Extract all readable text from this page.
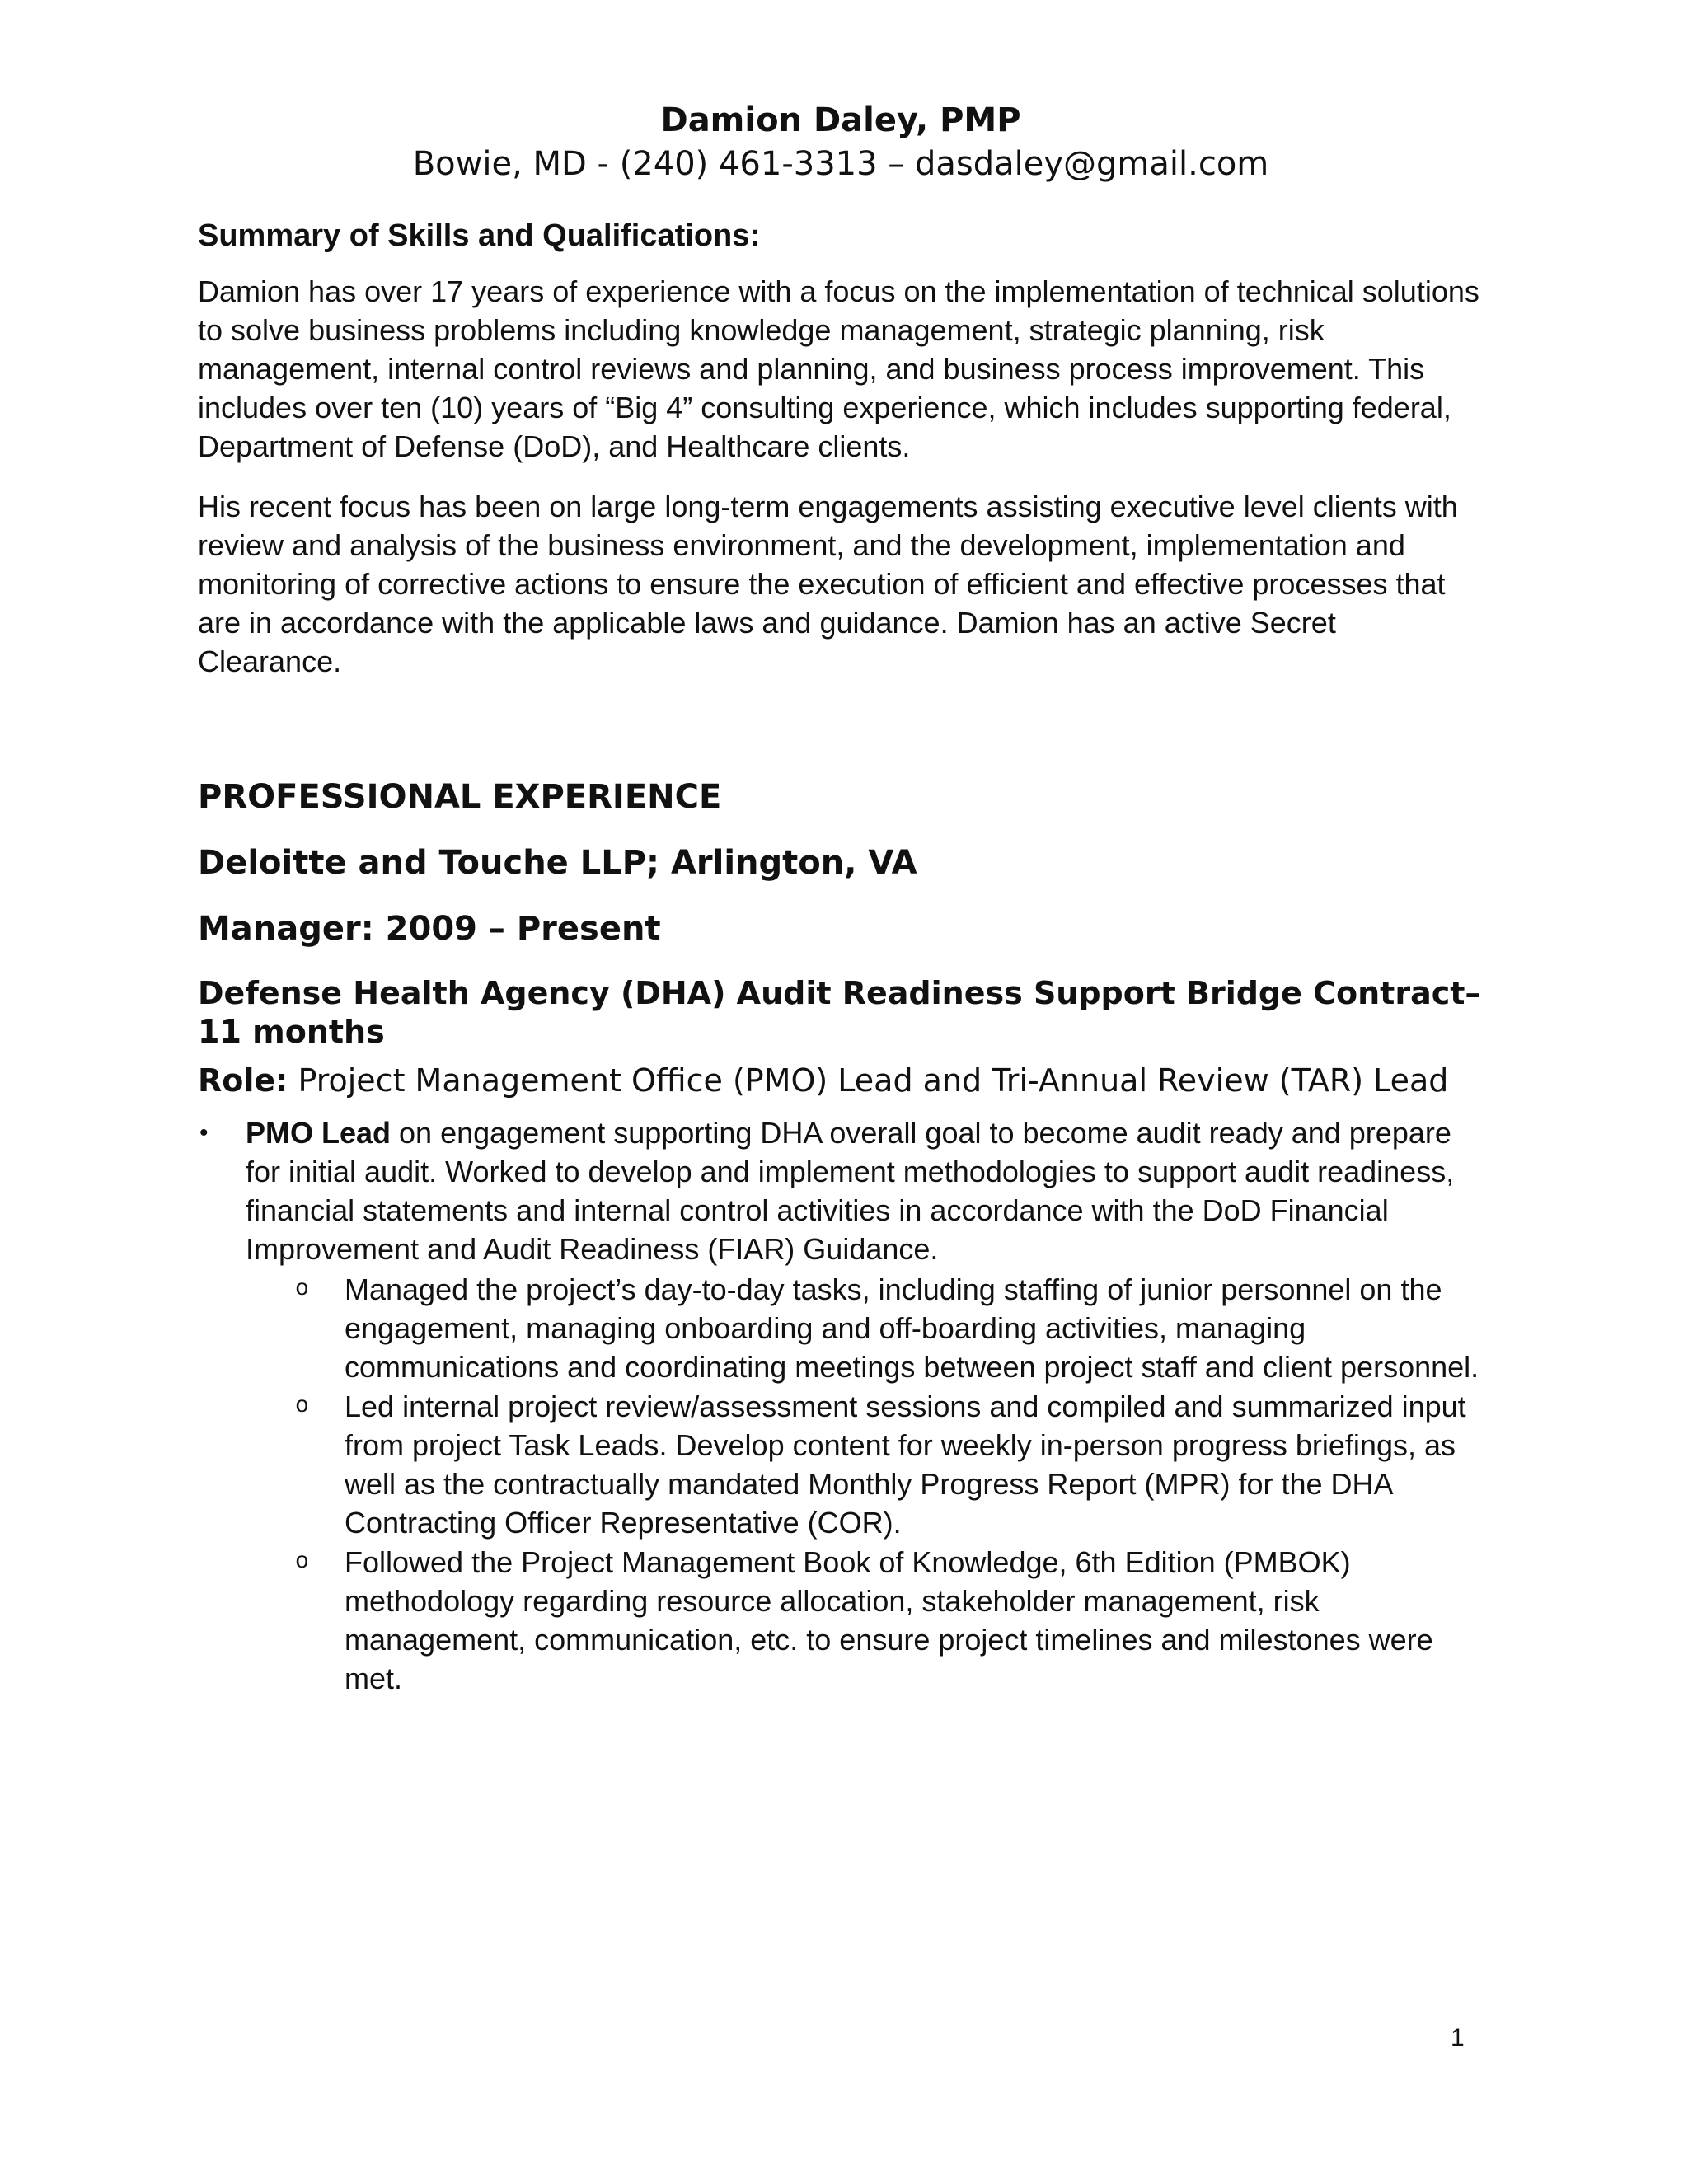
Damion Daley, PMP
Bowie, MD - (240) 461-3313 – dasdaley@gmail.com
Summary of Skills and Qualifications:

Damion has over 17 years of experience with a focus on the implementation of technical solutions to solve business problems including knowledge management, strategic planning, risk management, internal control reviews and planning, and business process improvement. This includes over ten (10) years of “Big 4” consulting experience, which includes supporting federal, Department of Defense (DoD), and Healthcare clients.

His recent focus has been on large long-term engagements assisting executive level clients with review and analysis of the business environment, and the development, implementation and monitoring of corrective actions to ensure the execution of efficient and effective processes that are in accordance with the applicable laws and guidance. Damion has an active Secret Clearance.

PROFESSIONAL EXPERIENCE
Deloitte and Touche LLP; Arlington, VA
Manager: 2009 – Present
Defense Health Agency (DHA) Audit Readiness Support Bridge Contract– 11 months
Role: Project Management Office (PMO) Lead and Tri-Annual Review (TAR) Lead
• PMO Lead on engagement supporting DHA overall goal to become audit ready and prepare for initial audit. Worked to develop and implement methodologies to support audit readiness, financial statements and internal control activities in accordance with the DoD Financial Improvement and Audit Readiness (FIAR) Guidance.
o Managed the project’s day-to-day tasks, including staffing of junior personnel on the engagement, managing onboarding and off-boarding activities, managing communications and coordinating meetings between project staff and client personnel.
o Led internal project review/assessment sessions and compiled and summarized input from project Task Leads. Develop content for weekly in-person progress briefings, as well as the contractually mandated Monthly Progress Report (MPR) for the DHA Contracting Officer Representative (COR).
o Followed the Project Management Book of Knowledge, 6th Edition (PMBOK) methodology regarding resource allocation, stakeholder management, risk management, communication, etc. to ensure project timelines and milestones were met.
1
